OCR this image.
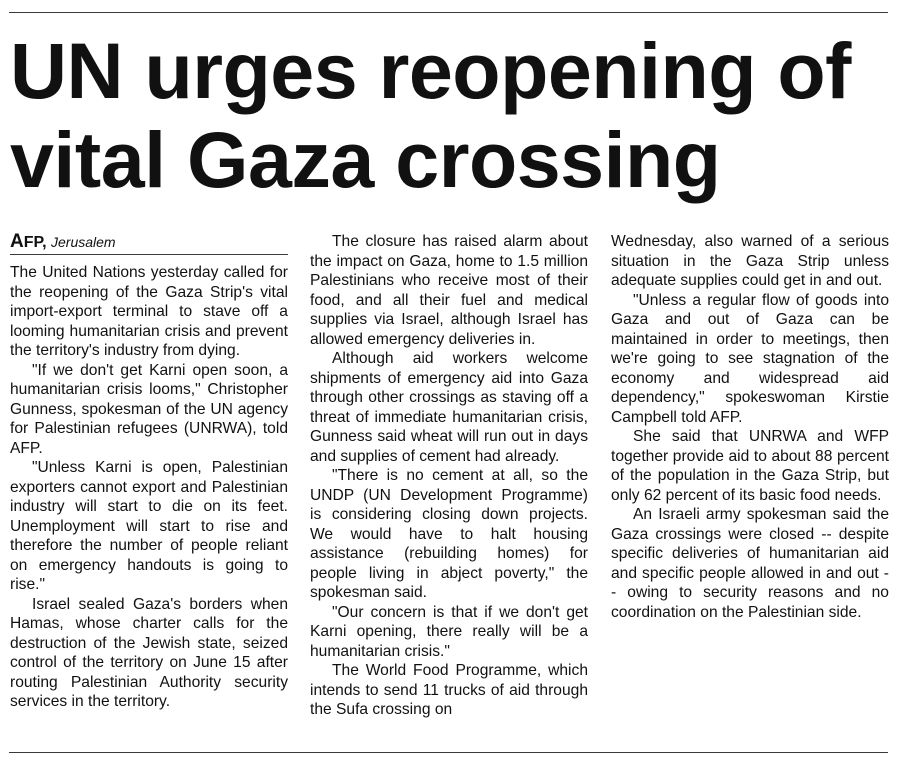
UN urges reopening of
vital Gaza crossing
AFP, Jerusalem

The United Nations yesterday called for the reopening of the Gaza Strip's vital import-export terminal to stave off a looming humanitarian crisis and prevent the territory's industry from dying.

"If we don't get Karni open soon, a humanitarian crisis looms," Christopher Gunness, spokesman of the UN agency for Palestinian refugees (UNRWA), told AFP.

"Unless Karni is open, Palestinian exporters cannot export and Palestinian industry will start to die on its feet. Unemployment will start to rise and therefore the number of people reliant on emergency handouts is going to rise."

Israel sealed Gaza's borders when Hamas, whose charter calls for the destruction of the Jewish state, seized control of the territory on June 15 after routing Palestinian Authority security services in the territory.

The closure has raised alarm about the impact on Gaza, home to 1.5 million Palestinians who receive most of their food, and all their fuel and medical supplies via Israel, although Israel has allowed emergency deliveries in.

Although aid workers welcome shipments of emergency aid into Gaza through other crossings as staving off a threat of immediate humanitarian crisis, Gunness said wheat will run out in days and supplies of cement had already.

"There is no cement at all, so the UNDP (UN Development Programme) is considering closing down projects. We would have to halt housing assistance (rebuilding homes) for people living in abject poverty," the spokesman said.

"Our concern is that if we don't get Karni opening, there really will be a humanitarian crisis."

The World Food Programme, which intends to send 11 trucks of aid through the Sufa crossing on

Wednesday, also warned of a serious situation in the Gaza Strip unless adequate supplies could get in and out.

"Unless a regular flow of goods into Gaza and out of Gaza can be maintained in order to meetings, then we're going to see stagnation of the economy and widespread aid dependency," spokeswoman Kirstie Campbell told AFP.

She said that UNRWA and WFP together provide aid to about 88 percent of the population in the Gaza Strip, but only 62 percent of its basic food needs.

An Israeli army spokesman said the Gaza crossings were closed -- despite specific deliveries of humanitarian aid and specific people allowed in and out -- owing to security reasons and no coordination on the Palestinian side.
